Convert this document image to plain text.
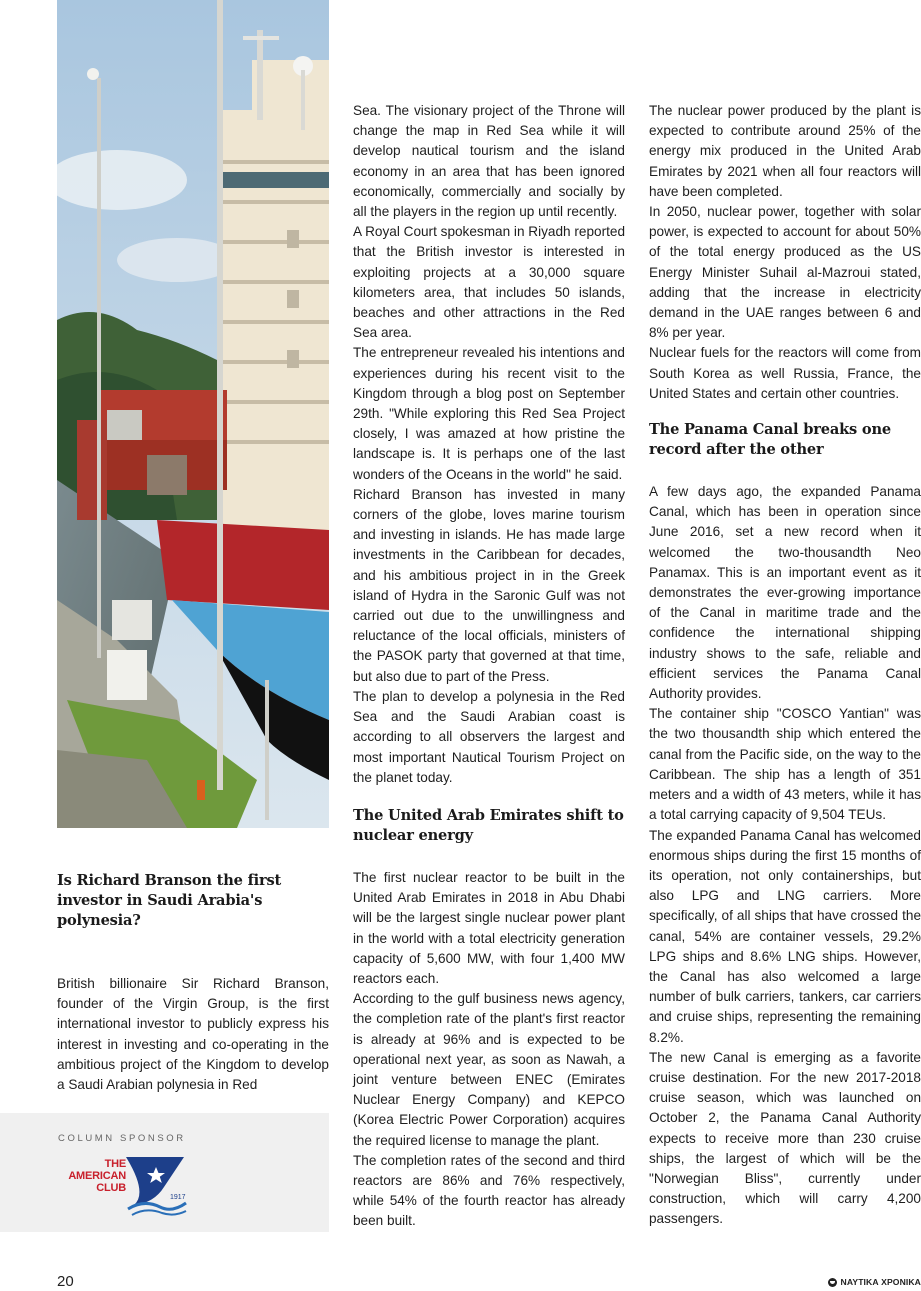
Is Richard Branson the first investor in Saudi Arabia's polynesia?

British billionaire Sir Richard Branson, founder of the Virgin Group, is the first international investor to publicly express his interest in investing and co-operating in the ambitious project of the Kingdom to develop a Saudi Arabian polynesia in Red

Sea. The visionary project of the Throne will change the map in Red Sea while it will develop nautical tourism and the island economy in an area that has been ignored economically, commercially and socially by all the players in the region up until recently.

A Royal Court spokesman in Riyadh reported that the British investor is interested in exploiting projects at a 30,000 square kilometers area, that includes 50 islands, beaches and other attractions in the Red Sea area.

The entrepreneur revealed his intentions and experiences during his recent visit to the Kingdom through a blog post on September 29th. "While exploring this Red Sea Project closely, I was amazed at how pristine the landscape is. It is perhaps one of the last wonders of the Oceans in the world" he said.

Richard Branson has invested in many corners of the globe, loves marine tourism and investing in islands. He has made large investments in the Caribbean for decades, and his ambitious project in in the Greek island of Hydra in the Saronic Gulf was not carried out due to the unwillingness and reluctance of the local officials, ministers of the PASOK party that governed at that time, but also due to part of the Press.

The plan to develop a polynesia in the Red Sea and the Saudi Arabian coast is according to all observers the largest and most important Nautical Tourism Project on the planet today.

The United Arab Emirates shift to nuclear energy

The first nuclear reactor to be built in the United Arab Emirates in 2018 in Abu Dhabi will be the largest single nuclear power plant in the world with a total electricity generation capacity of 5,600 MW, with four 1,400 MW reactors each.

According to the gulf business news agency, the completion rate of the plant's first reactor is already at 96% and is expected to be operational next year, as soon as Nawah, a joint venture between ENEC (Emirates Nuclear Energy Company) and KEPCO (Korea Electric Power Corporation) acquires the required license to manage the plant.

The completion rates of the second and third reactors are 86% and 76% respectively, while 54% of the fourth reactor has already been built.

The nuclear power produced by the plant is expected to contribute around 25% of the energy mix produced in the United Arab Emirates by 2021 when all four reactors will have been completed.

In 2050, nuclear power, together with solar power, is expected to account for about 50% of the total energy produced as the US Energy Minister Suhail al-Mazroui stated, adding that the increase in electricity demand in the UAE ranges between 6 and 8% per year.

Nuclear fuels for the reactors will come from South Korea as well Russia, France, the United States and certain other countries.

The Panama Canal breaks one record after the other

A few days ago, the expanded Panama Canal, which has been in operation since June 2016, set a new record when it welcomed the two-thousandth Neo Panamax. This is an important event as it demonstrates the ever-growing importance of the Canal in maritime trade and the confidence the international shipping industry shows to the safe, reliable and efficient services the Panama Canal Authority provides.

The container ship "COSCO Yantian" was the two thousandth ship which entered the canal from the Pacific side, on the way to the Caribbean. The ship has a length of 351 meters and a width of 43 meters, while it has a total carrying capacity of 9,504 TEUs.

The expanded Panama Canal has welcomed enormous ships during the first 15 months of its operation, not only containerships, but also LPG and LNG carriers. More specifically, of all ships that have crossed the canal, 54% are container vessels, 29.2% LPG ships and 8.6% LNG ships. However, the Canal has also welcomed a large number of bulk carriers, tankers, car carriers and cruise ships, representing the remaining 8.2%.

The new Canal is emerging as a favorite cruise destination. For the new 2017-2018 cruise season, which was launched on October 2, the Panama Canal Authority expects to receive more than 230 cruise ships, the largest of which will be the "Norwegian Bliss", currently under construction, which will carry 4,200 passengers.

COLUMN SPONSOR
THE
AMERICAN
CLUB
1917
20	ΝΑΥΤΙΚΑ ΧΡΟΝΙΚΑ
